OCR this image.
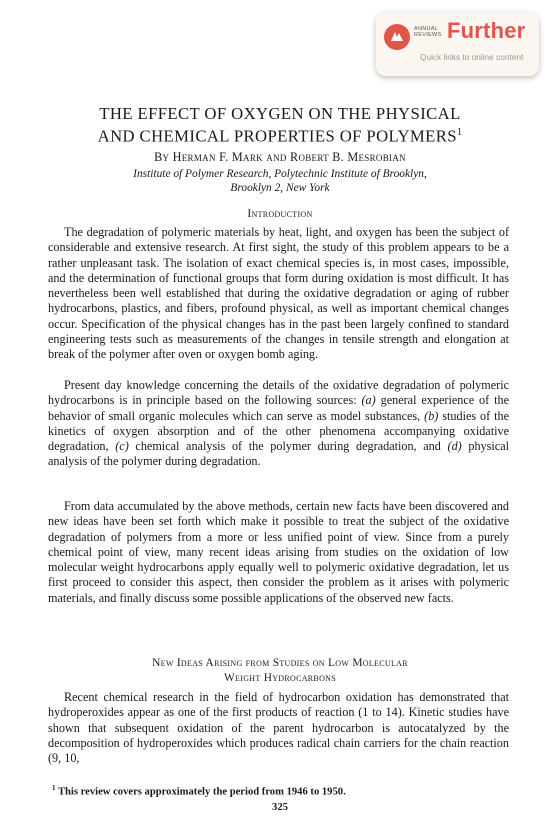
ANNUAL
REVIEWS Further
Quick links to online content
THE EFFECT OF OXYGEN ON THE PHYSICAL
AND CHEMICAL PROPERTIES OF POLYMERS$^1$
By Herman F. Mark and Robert B. Mesrobian
Institute of Polymer Research, Polytechnic Institute of Brooklyn,
Brooklyn 2, New York
Introduction

The degradation of polymeric materials by heat, light, and oxygen has been the subject of considerable and extensive research. At first sight, the study of this problem appears to be a rather unpleasant task. The isolation of exact chemical species is, in most cases, impossible, and the determination of functional groups that form during oxidation is most difficult. It has nevertheless been well established that during the oxidative degradation or aging of rubber hydrocarbons, plastics, and fibers, profound physical, as well as important chemical changes occur. Specification of the physical changes has in the past been largely confined to standard engineering tests such as measurements of the changes in tensile strength and elongation at break of the polymer after oven or oxygen bomb aging.

Present day knowledge concerning the details of the oxidative degradation of polymeric hydrocarbons is in principle based on the following sources: (a) general experience of the behavior of small organic molecules which can serve as model substances, (b) studies of the kinetics of oxygen absorption and of the other phenomena accompanying oxidative degradation, (c) chemical analysis of the polymer during degradation, and (d) physical analysis of the polymer during degradation.

From data accumulated by the above methods, certain new facts have been discovered and new ideas have been set forth which make it possible to treat the subject of the oxidative degradation of polymers from a more or less unified point of view. Since from a purely chemical point of view, many recent ideas arising from studies on the oxidation of low molecular weight hydrocarbons apply equally well to polymeric oxidative degradation, let us first proceed to consider this aspect, then consider the problem as it arises with polymeric materials, and finally discuss some possible applications of the observed new facts.

New Ideas Arising from Studies on Low Molecular
Weight Hydrocarbons

Recent chemical research in the field of hydrocarbon oxidation has demonstrated that hydroperoxides appear as one of the first products of reaction (1 to 14). Kinetic studies have shown that subsequent oxidation of the parent hydrocarbon is autocatalyzed by the decomposition of hydroperoxides which produces radical chain carriers for the chain reaction (9, 10,

$^1$ This review covers approximately the period from 1946 to 1950.
325
